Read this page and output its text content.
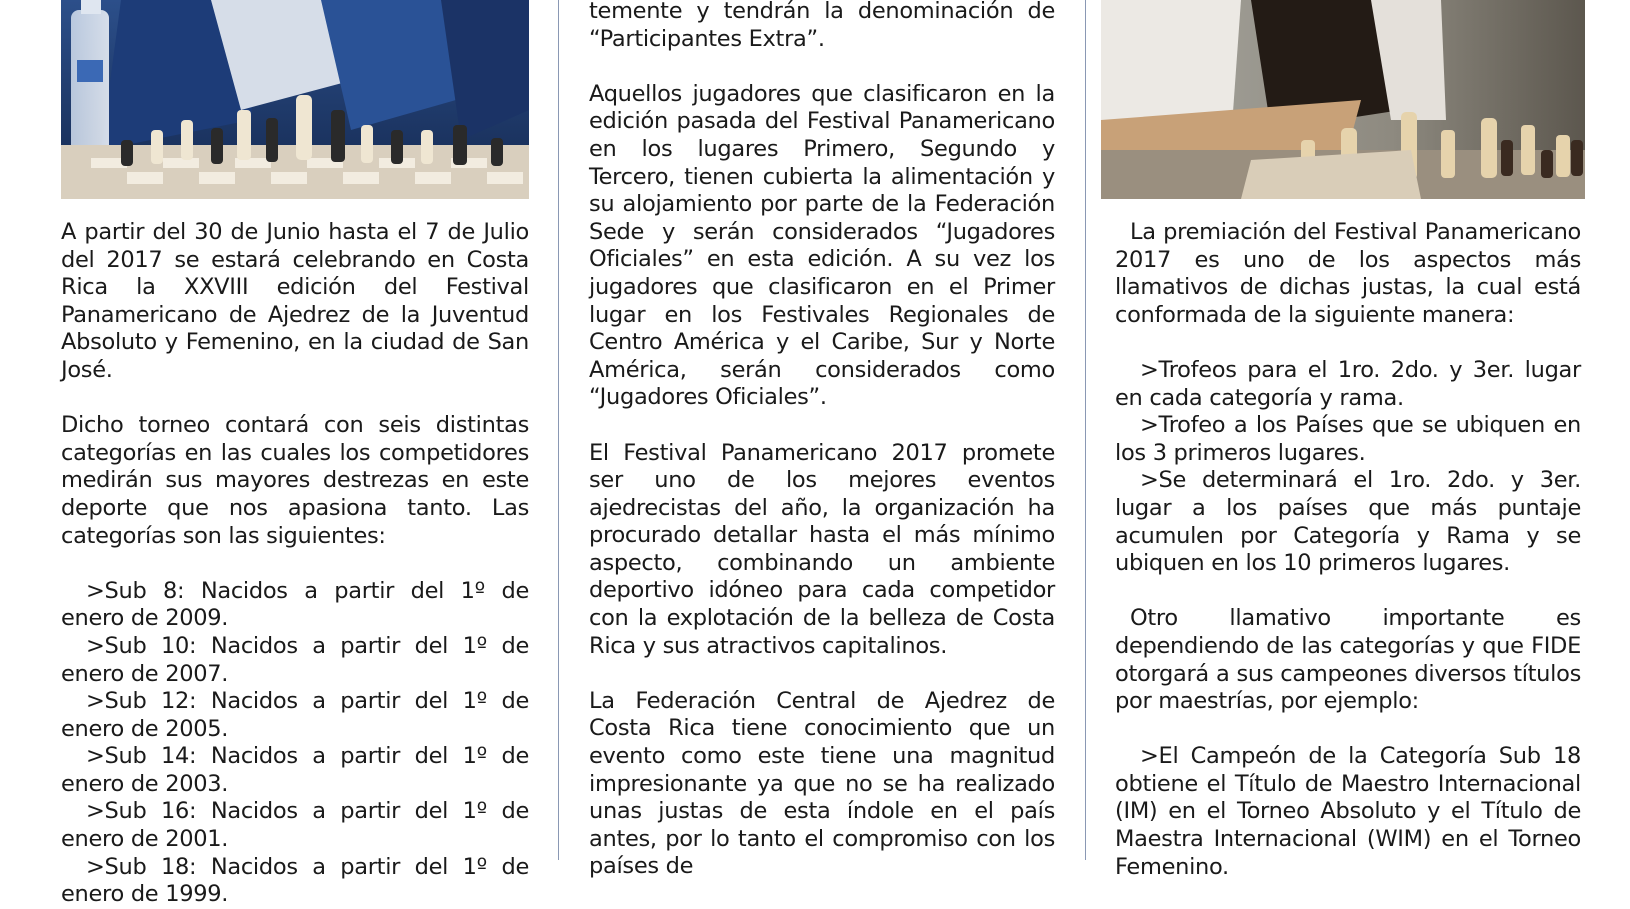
A partir del 30 de Junio hasta el 7 de Julio del 2017 se estará celebrando en Costa Rica la XXVIII edición del Festival Panamericano de Ajedrez de la Juventud Absoluto y Femenino, en la ciudad de San José.

Dicho torneo contará con seis distintas categorías en las cuales los competidores medirán sus mayores destrezas en este deporte que nos apasiona tanto. Las categorías son las siguientes:

>Sub 8: Nacidos a partir del 1º de enero de 2009.

>Sub 10: Nacidos a partir del 1º de enero de 2007.

>Sub 12: Nacidos a partir del 1º de enero de 2005.

>Sub 14: Nacidos a partir del 1º de enero de 2003.

>Sub 16: Nacidos a partir del 1º de enero de 2001.

>Sub 18: Nacidos a partir del 1º de enero de 1999.

temente y tendrán la denominación de “Participantes Extra”.

Aquellos jugadores que clasificaron en la edición pasada del Festival Panamericano en los lugares Primero, Segundo y Tercero, tienen cubierta la alimentación y su alojamiento por parte de la Federación Sede y serán considerados “Jugadores Oficiales” en esta edición. A su vez los jugadores que clasificaron en el Primer lugar en los Festivales Regionales de Centro América y el Caribe, Sur y Norte América, serán considerados como “Jugadores Oficiales”.

El Festival Panamericano 2017 promete ser uno de los mejores eventos ajedrecistas del año, la organización ha procurado detallar hasta el más mínimo aspecto, combinando un ambiente deportivo idóneo para cada competidor con la explotación de la belleza de Costa Rica y sus atractivos capitalinos.

La Federación Central de Ajedrez de Costa Rica tiene conocimiento que un evento como este tiene una magnitud impresionante ya que no se ha realizado unas justas de esta índole en el país antes, por lo tanto el compromiso con los países de

La premiación del Festival Panamericano 2017 es uno de los aspectos más llamativos de dichas justas, la cual está conformada de la siguiente manera:

>Trofeos para el 1ro. 2do. y 3er. lugar en cada categoría y rama.

>Trofeo a los Países que se ubiquen en los 3 primeros lugares.

>Se determinará el 1ro. 2do. y 3er. lugar a los países que más puntaje acumulen por Categoría y Rama y se ubiquen en los 10 primeros lugares.

Otro llamativo importante es dependiendo de las categorías y que FIDE otorgará a sus campeones diversos títulos por maestrías, por ejemplo:

>El Campeón de la Categoría Sub 18 obtiene el Título de Maestro Internacional (IM) en el Torneo Absoluto y el Título de Maestra Internacional (WIM) en el Torneo Femenino.
